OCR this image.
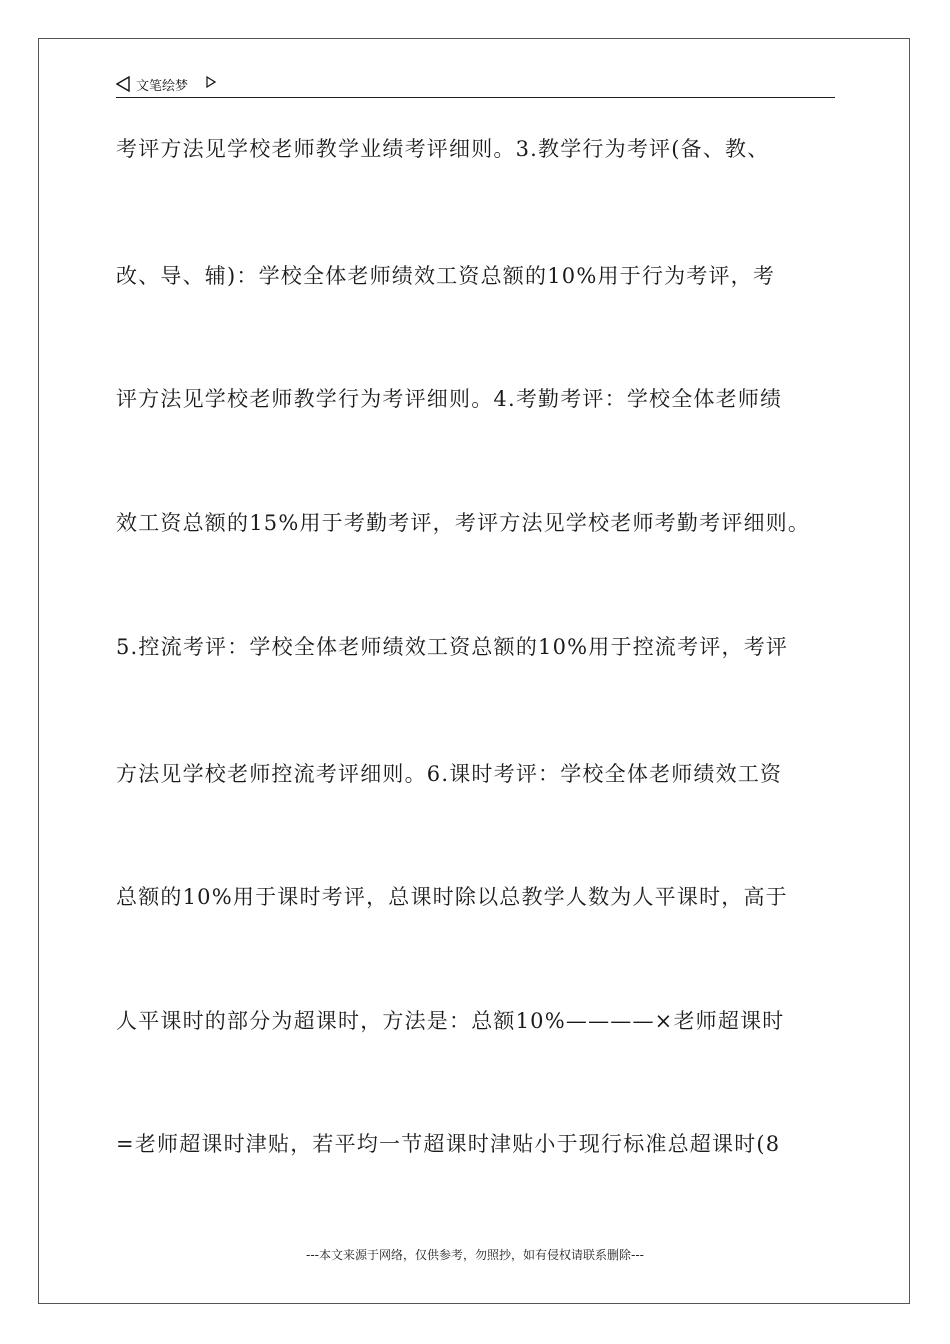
文笔绘梦
考评方法见学校老师教学业绩考评细则。3.教学行为考评(备、教、
改、导、辅)：学校全体老师绩效工资总额的10%用于行为考评，考
评方法见学校老师教学行为考评细则。4.考勤考评：学校全体老师绩
效工资总额的15%用于考勤考评，考评方法见学校老师考勤考评细则。
5.控流考评：学校全体老师绩效工资总额的10%用于控流考评，考评
方法见学校老师控流考评细则。6.课时考评：学校全体老师绩效工资
总额的10%用于课时考评，总课时除以总教学人数为人平课时，高于
人平课时的部分为超课时，方法是：总额10%————×老师超课时
=老师超课时津贴，若平均一节超课时津贴小于现行标准总超课时(8
---本文来源于网络，仅供参考，勿照抄，如有侵权请联系删除---
